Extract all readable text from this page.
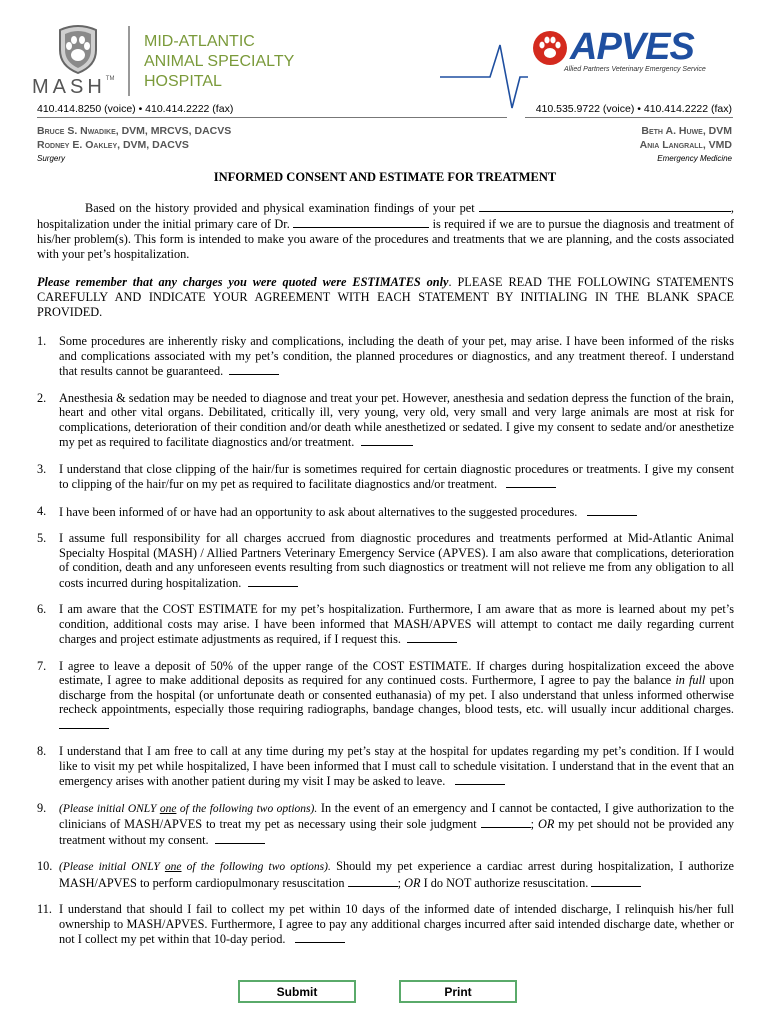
MASH™
MID-ATLANTIC
ANIMAL SPECIALTY
HOSPITAL
APVES
Allied Partners Veterinary Emergency Service
410.414.8250 (voice) • 410.414.2222 (fax)	410.535.9722 (voice) • 410.414.2222 (fax)
Bruce S. Nwadike, DVM, MRCVS, DACVS
Rodney E. Oakley, DVM, DACVS
Surgery
Beth A. Huwe, DVM
Ania Langrall, VMD
Emergency Medicine
INFORMED CONSENT AND ESTIMATE FOR TREATMENT
Based on the history provided and physical examination findings of your pet	, hospitalization under the initial primary care of Dr.	is required if we are to pursue the diagnosis and treatment of his/her problem(s). This form is intended to make you aware of the procedures and treatments that we are planning, and the costs associated with your pet’s hospitalization.
Please remember that any charges you were quoted were ESTIMATES only. PLEASE READ THE FOLLOWING STATEMENTS CAREFULLY AND INDICATE YOUR AGREEMENT WITH EACH STATEMENT BY INITIALING IN THE BLANK SPACE PROVIDED.
1. Some procedures are inherently risky and complications, including the death of your pet, may arise. I have been informed of the risks and complications associated with my pet’s condition, the planned procedures or diagnostics, and any treatment thereof. I understand that results cannot be guaranteed.
2. Anesthesia & sedation may be needed to diagnose and treat your pet. However, anesthesia and sedation depress the function of the brain, heart and other vital organs. Debilitated, critically ill, very young, very old, very small and very large animals are most at risk for complications, deterioration of their condition and/or death while anesthetized or sedated. I give my consent to sedate and/or anesthetize my pet as required to facilitate diagnostics and/or treatment.
3. I understand that close clipping of the hair/fur is sometimes required for certain diagnostic procedures or treatments. I give my consent to clipping of the hair/fur on my pet as required to facilitate diagnostics and/or treatment.
4. I have been informed of or have had an opportunity to ask about alternatives to the suggested procedures.
5. I assume full responsibility for all charges accrued from diagnostic procedures and treatments performed at Mid-Atlantic Animal Specialty Hospital (MASH) / Allied Partners Veterinary Emergency Service (APVES). I am also aware that complications, deterioration of condition, death and any unforeseen events resulting from such diagnostics or treatment will not relieve me from any obligation to all costs incurred during hospitalization.
6. I am aware that the COST ESTIMATE for my pet’s hospitalization. Furthermore, I am aware that as more is learned about my pet’s condition, additional costs may arise. I have been informed that MASH/APVES will attempt to contact me daily regarding current charges and project estimate adjustments as required, if I request this.
7. I agree to leave a deposit of 50% of the upper range of the COST ESTIMATE. If charges during hospitalization exceed the above estimate, I agree to make additional deposits as required for any continued costs. Furthermore, I agree to pay the balance in full upon discharge from the hospital (or unfortunate death or consented euthanasia) of my pet. I also understand that unless informed otherwise recheck appointments, especially those requiring radiographs, bandage changes, blood tests, etc. will usually incur additional charges.
8. I understand that I am free to call at any time during my pet’s stay at the hospital for updates regarding my pet’s condition. If I would like to visit my pet while hospitalized, I have been informed that I must call to schedule visitation. I understand that in the event that an emergency arises with another patient during my visit I may be asked to leave.
9. (Please initial ONLY one of the following two options). In the event of an emergency and I cannot be contacted, I give authorization to the clinicians of MASH/APVES to treat my pet as necessary using their sole judgment	; OR my pet should not be provided any treatment without my consent.
10. (Please initial ONLY one of the following two options). Should my pet experience a cardiac arrest during hospitalization, I authorize MASH/APVES to perform cardiopulmonary resuscitation	; OR I do NOT authorize resuscitation.
11. I understand that should I fail to collect my pet within 10 days of the informed date of intended discharge, I relinquish his/her full ownership to MASH/APVES. Furthermore, I agree to pay any additional charges incurred after said intended discharge date, whether or not I collect my pet within that 10-day period.
Submit	Print
